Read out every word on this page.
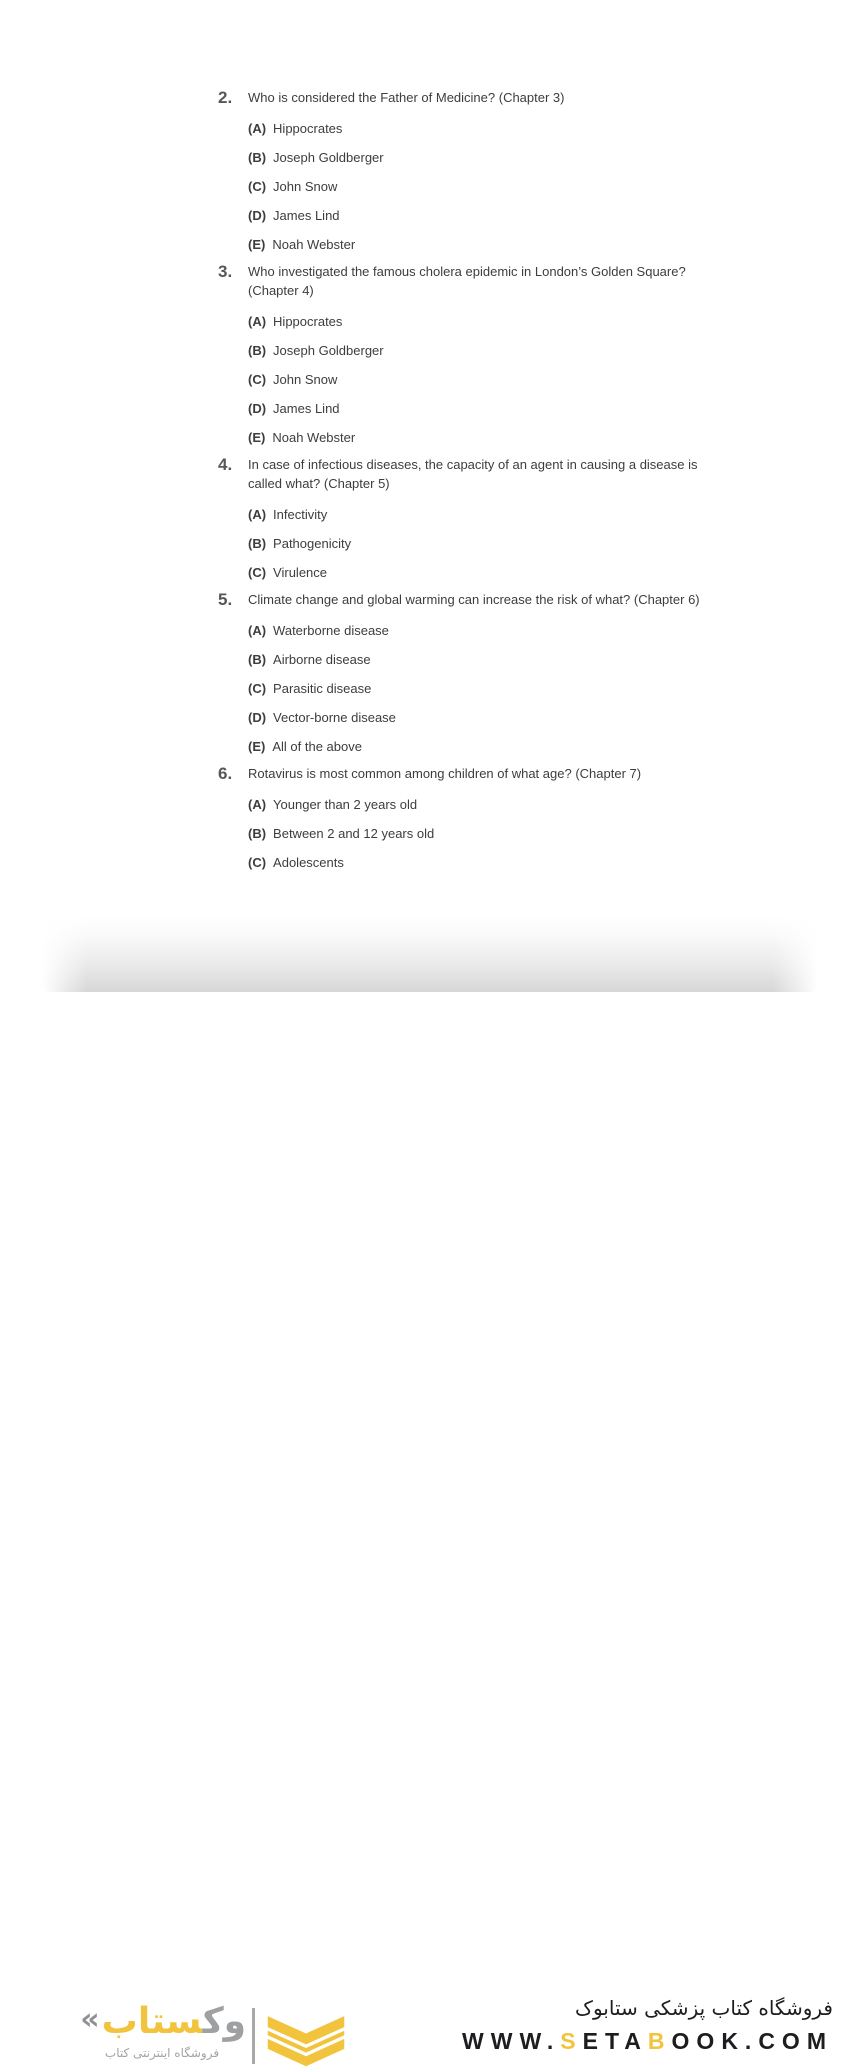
2.	Who is considered the Father of Medicine? (Chapter 3)
(A) Hippocrates
(B) Joseph Goldberger
(C) John Snow
(D) James Lind
(E) Noah Webster
3.	Who investigated the famous cholera epidemic in London’s Golden Square?
(Chapter 4)
(A) Hippocrates
(B) Joseph Goldberger
(C) John Snow
(D) James Lind
(E) Noah Webster
4.	In case of infectious diseases, the capacity of an agent in causing a disease is
called what? (Chapter 5)
(A) Infectivity
(B) Pathogenicity
(C) Virulence
5.	Climate change and global warming can increase the risk of what? (Chapter 6)
(A) Waterborne disease
(B) Airborne disease
(C) Parasitic disease
(D) Vector-borne disease
(E) All of the above
6.	Rotavirus is most common among children of what age? (Chapter 7)
(A) Younger than 2 years old
(B) Between 2 and 12 years old
(C) Adolescents
«	وکستاب
فروشگاه اینترنتی کتاب
فروشگاه کتاب پزشکی ستابوک
WWW.SETABOOK.COM
